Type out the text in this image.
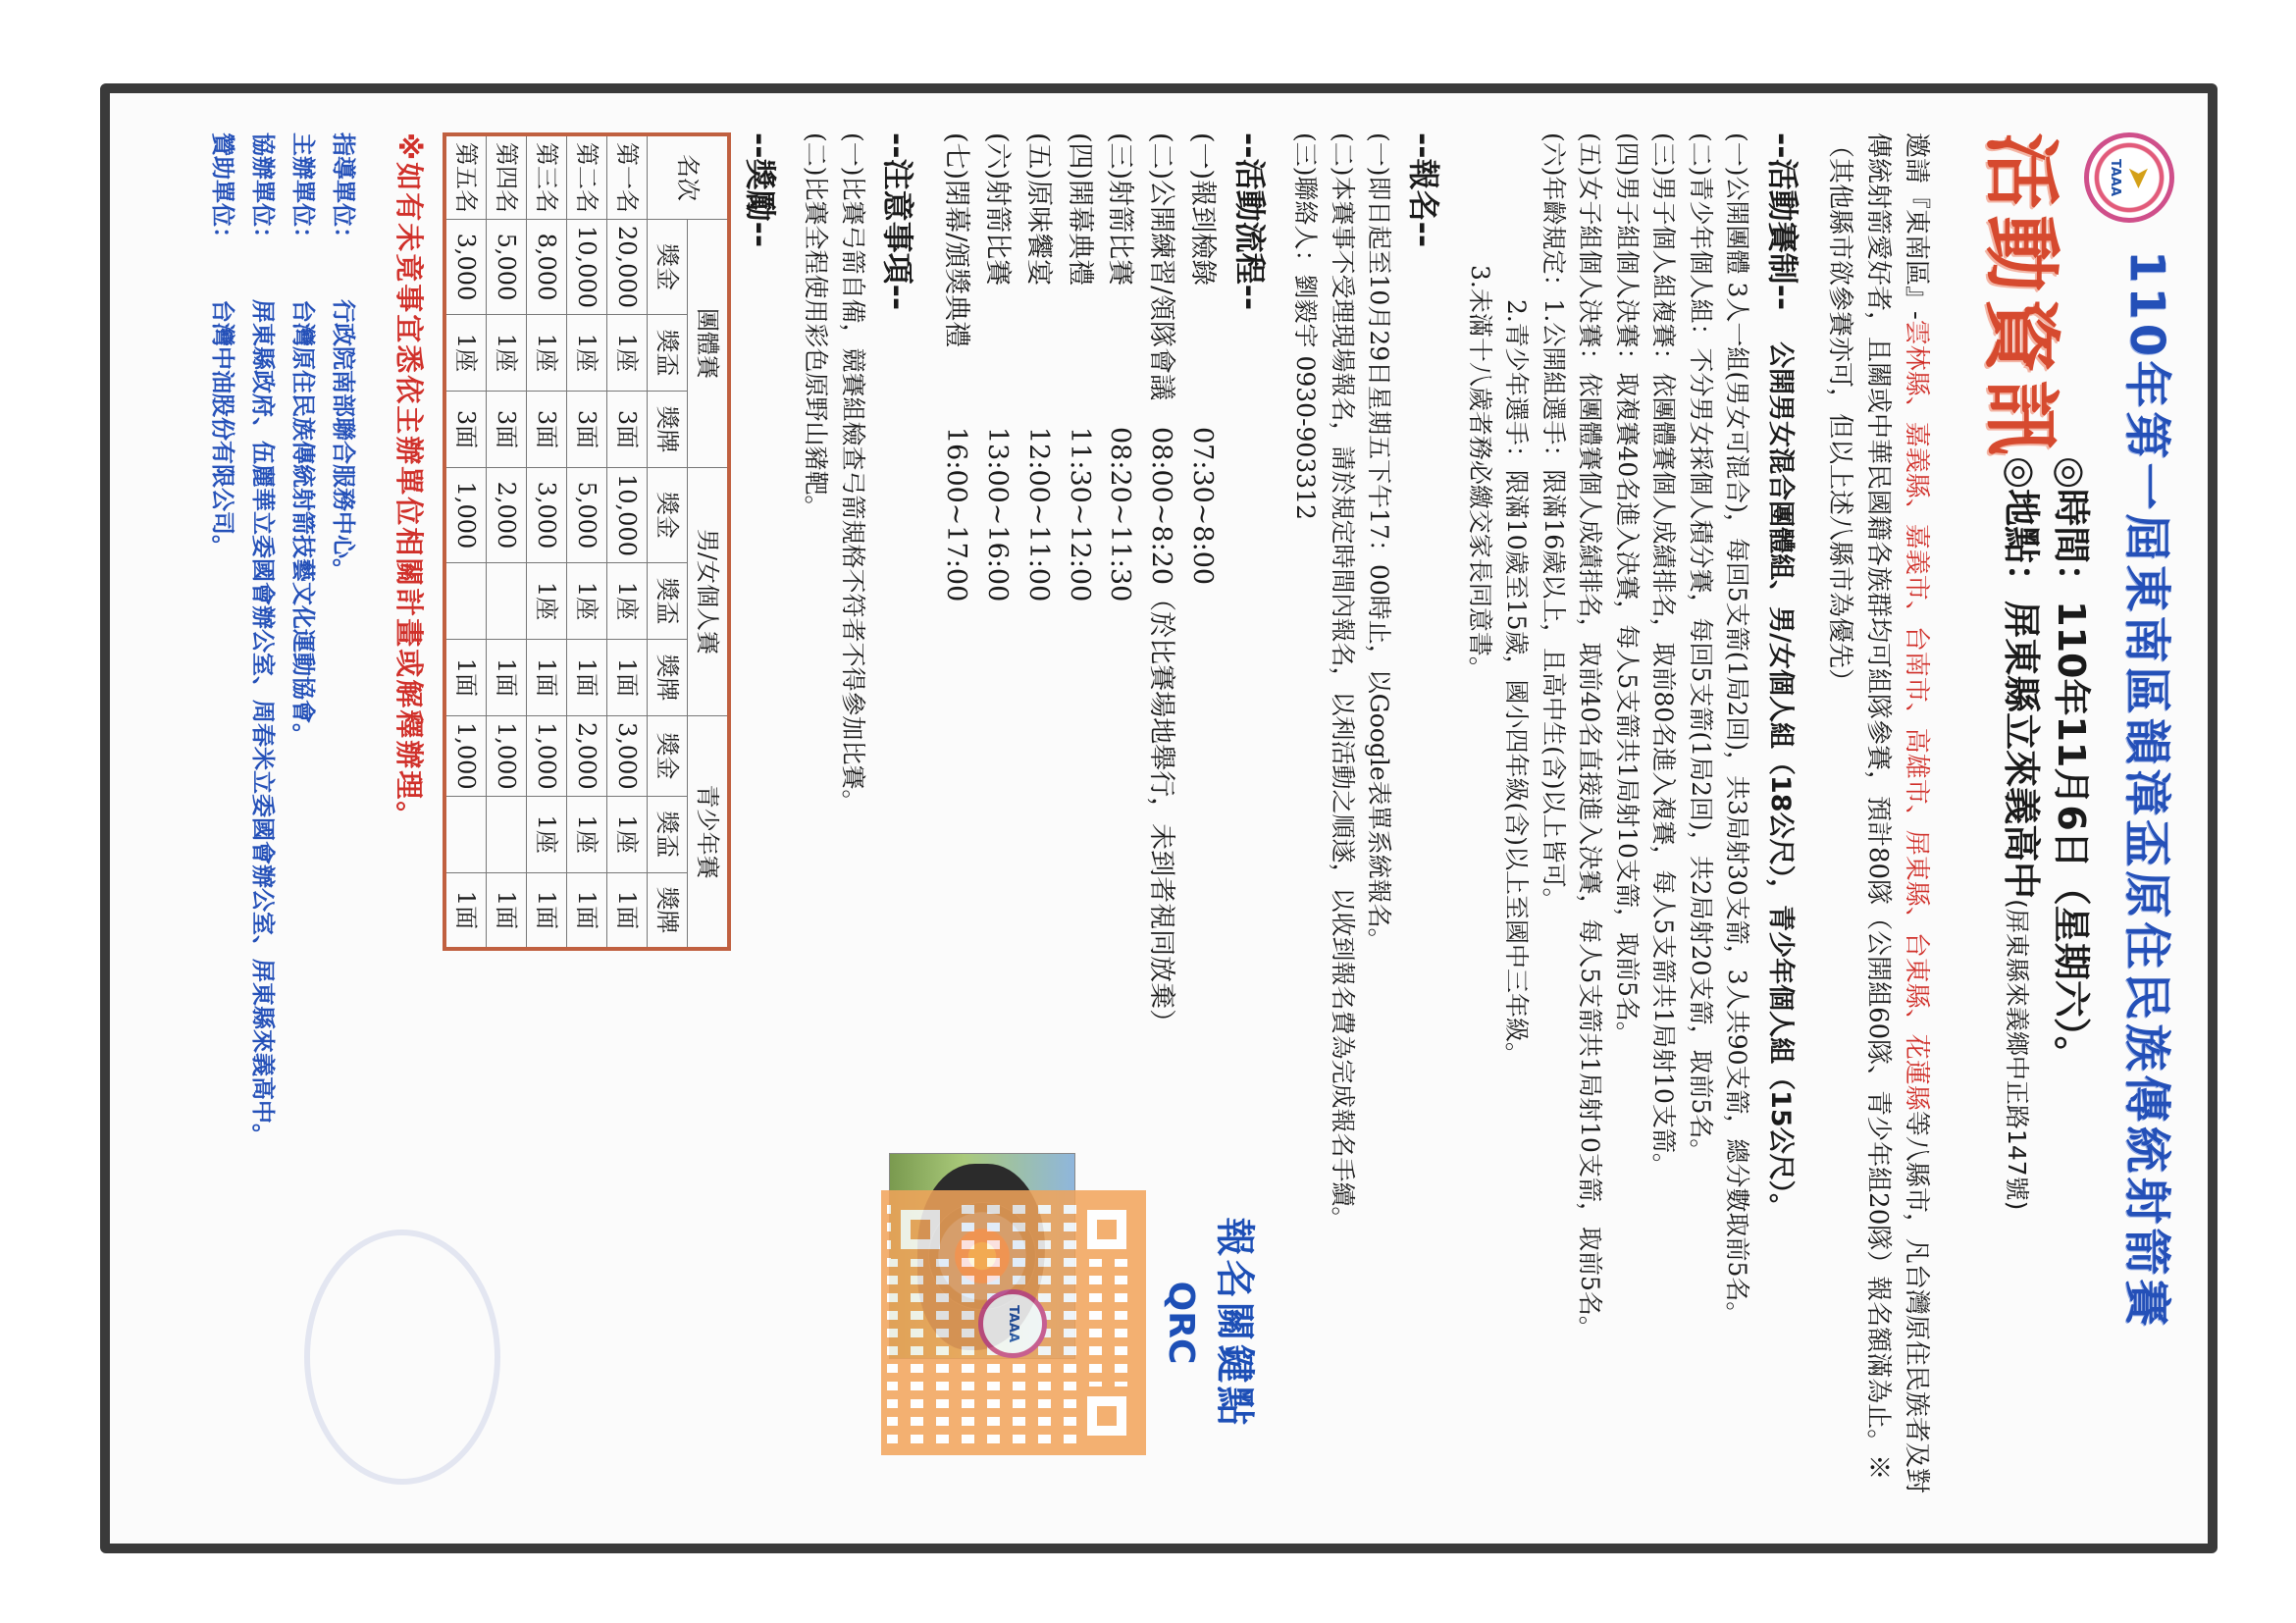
➤
TAAA
110年第一屆東南區韻漳盃原住民族傳統射箭賽
活動資訊
◎時間：110年11月6日（星期六）。
◎地點：屏東縣立來義高中(屏東縣來義鄉中正路147號)
邀請『東南區』-雲林縣、嘉義縣、嘉義市、台南市、高雄市、屏東縣、台東縣、花蓮縣等八縣市，凡台灣原住民族者及對傳統射箭愛好者，且關或中華民國籍各族群均可組隊參賽，預計80隊（公開組60隊、青少年組20隊）報名額滿為止。※（其他縣市欲參賽亦可，但以上述八縣市為優先）
--活動賽制--　公開男女混合團體組、男/女個人組（18公尺），青少年個人組（15公尺）。
(一)公開團體 3人一組(男女可混合)，每回5支箭(1局2回)，共3局射30支箭，3人共90支箭，總分數取前5名。
(二)青少年個人組：不分男女採個人積分賽，每回5支箭(1局2回)，共2局射20支箭，取前5名。
(三)男子個人組複賽：依團體賽個人成績排名，取前80名進入複賽，每人5支箭共1局射10支箭。
(四)男子組個人決賽：取複賽40名進入決賽，每人5支箭共1局射10支箭，取前5名。
(五)女子組個人決賽：依團體賽個人成績排名，取前40名直接進入決賽，每人5支箭共1局射10支箭，取前5名。
(六)年齡規定：1.公開組選手：限滿16歲以上，且高中生(含)以上皆可。
2.青少年選手：限滿10歲至15歲，國小四年級(含)以上至國中三年級。
3.未滿十八歲者務必繳交家長同意書。
--報名--
(一)即日起至10月29日星期五下午17：00時止，以Google表單系統報名。
(二)本賽事不受理現場報名，請於規定時間內報名，以利活動之順遂，以收到報名費為完成報名手續。
(三)聯絡人：劉毅宇 0930-903312
--活動流程--
(一)報到檢錄
07:30~8:00
(二)公開練習/領隊會議
08:00~8:20（於比賽場地舉行，未到者視同放棄）
(三)射箭比賽
08:20~11:30
(四)開幕典禮
11:30~12:00
(五)原味饗宴
12:00~11:00
(六)射箭比賽
13:00~16:00
(七)閉幕/頒獎典禮
16:00~17:00
報名關鍵點
QRC
TAAA
--注意事項--
(一)比賽弓箭自備，競賽組檢查弓箭規格不符者不得參加比賽。
(二)比賽全程使用彩色原野山豬靶。
--獎勵--
名次	團體賽			男/女個人賽			青少年賽		
	獎金	獎盃	獎牌	獎金	獎盃	獎牌	獎金	獎盃	獎牌
第一名	20,000	1座	3面	10,000	1座	1面	3,000	1座	1面
第二名	10,000	1座	3面	5,000	1座	1面	2,000	1座	1面
第三名	8,000	1座	3面	3,000	1座	1面	1,000	1座	1面
第四名	5,000	1座	3面	2,000		1面	1,000		1面
第五名	3,000	1座	3面	1,000		1面	1,000		1面
※如有未竟事宜悉依主辦單位相關計畫或解釋辦理。
指導單位：
行政院南部聯合服務中心。
主辦單位：
台灣原住民族傳統射箭技藝文化運動協會。
協辦單位：
屏東縣政府、伍麗華立委國會辦公室、周春米立委國會辦公室、屏東縣來義高中。
贊助單位：
台灣中油股份有限公司。
